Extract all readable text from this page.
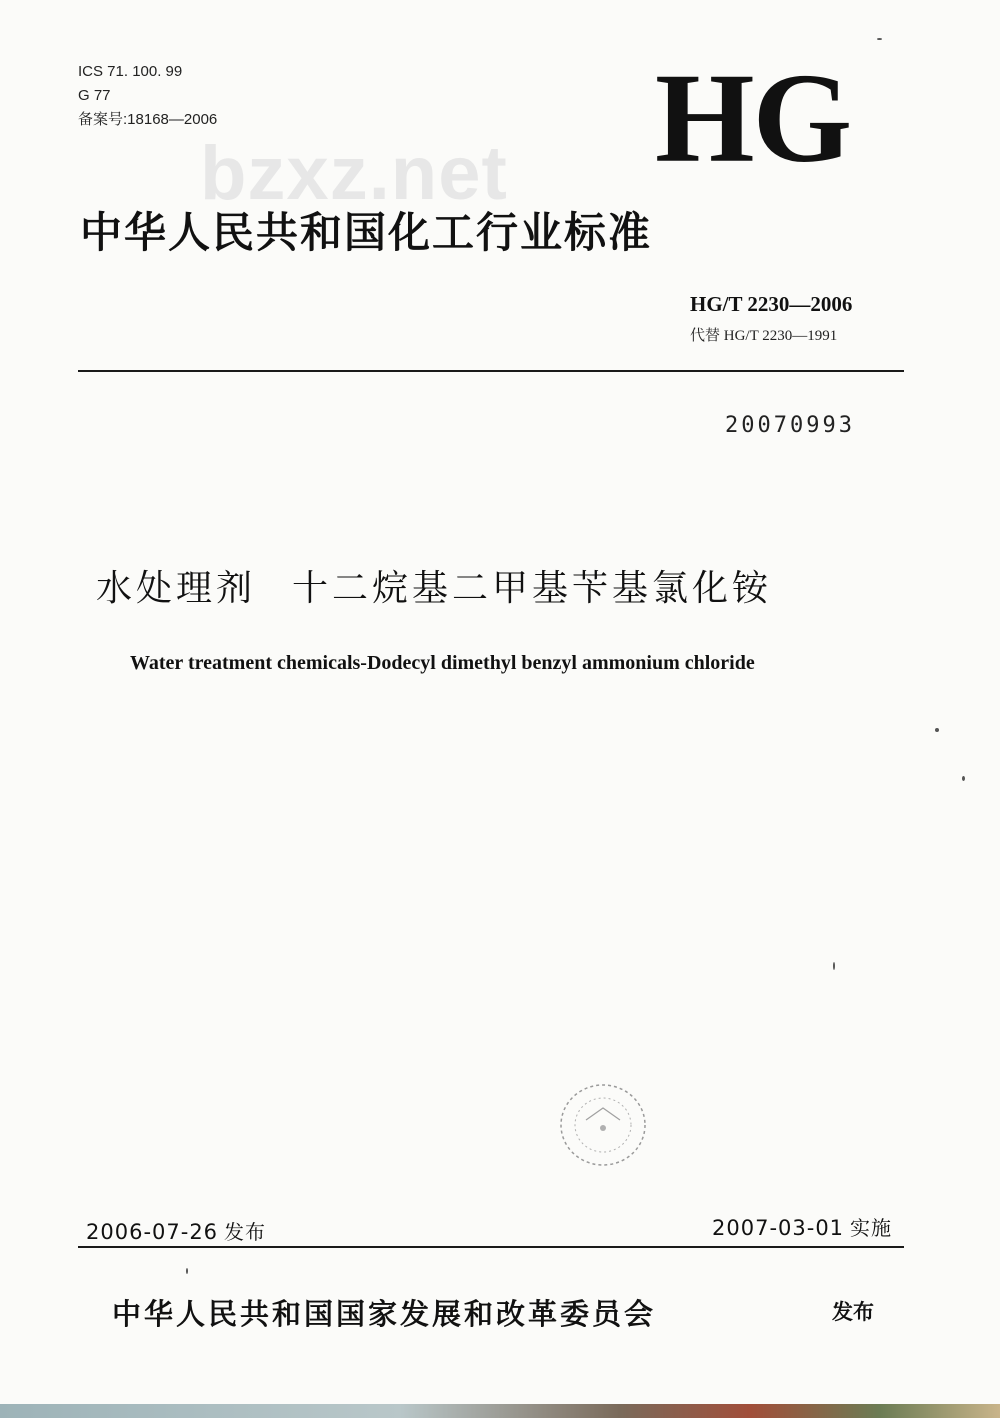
ICS 71. 100. 99
G 77
备案号:18168—2006
bzxz.net HG
中华人民共和国化工行业标准
HG/T 2230—2006
代替 HG/T 2230—1991
20070993
水处理剂 十二烷基二甲基苄基氯化铵
Water treatment chemicals-Dodecyl dimethyl benzyl ammonium chloride
2006-07-26 发布	2007-03-01 实施
中华人民共和国国家发展和改革委员会	发布
